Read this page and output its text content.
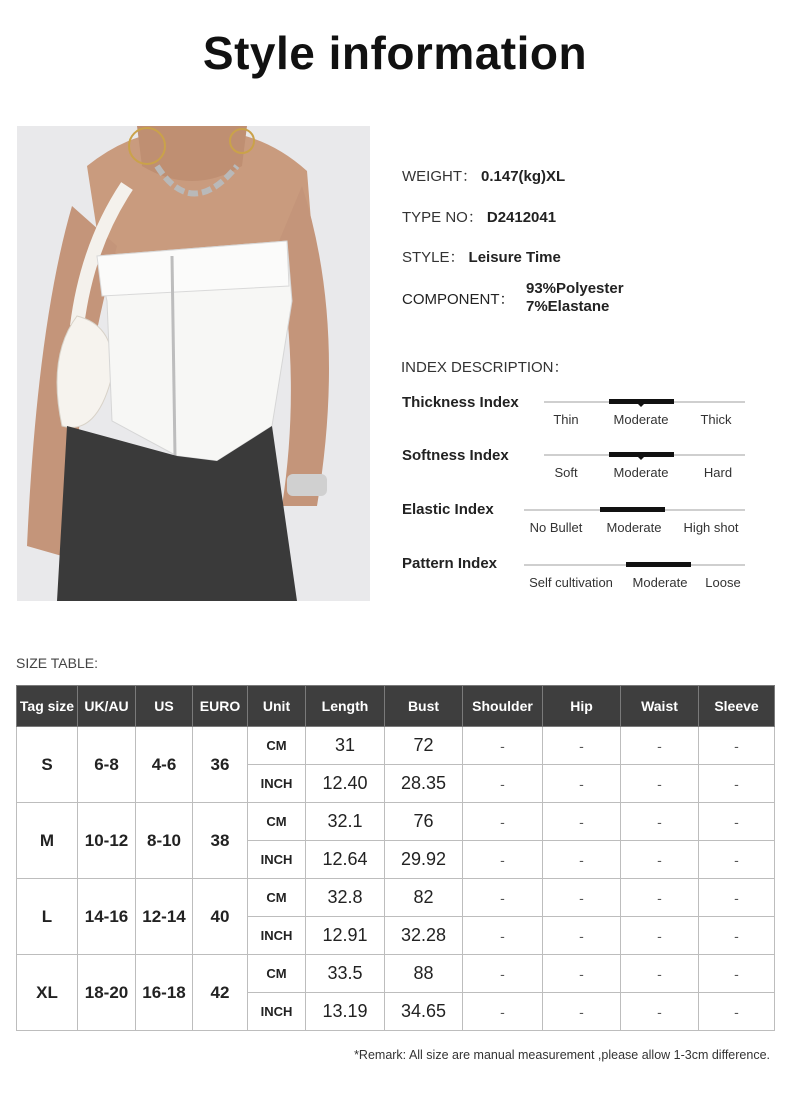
Style information
WEIGHT： 0.147(kg)XL
TYPE NO： D2412041
STYLE： Leisure Time
COMPONENT：
93%Polyester
7%Elastane
INDEX DESCRIPTION：
Thickness Index
Thin	Moderate Thick
Softness Index
Soft	Moderate	Hard
Elastic Index
No Bullet Moderate High shot
Pattern Index
Self cultivation Moderate Loose
SIZE TABLE:
Tag size	UK/AU	US	EURO	Unit	Length	Bust	Shoulder	Hip	Waist	Sleeve
S	6-8	4-6	36	CM	31	72	-	-	-	-
				INCH	12.40	28.35	-	-	-	-
M	10-12	8-10	38	CM	32.1	76	-	-	-	-
				INCH	12.64	29.92	-	-	-	-
L	14-16	12-14	40	CM	32.8	82	-	-	-	-
				INCH	12.91	32.28	-	-	-	-
XL	18-20	16-18	42	CM	33.5	88	-	-	-	-
				INCH	13.19	34.65	-	-	-	-
*Remark: All size are manual measurement ,please allow 1-3cm difference.
